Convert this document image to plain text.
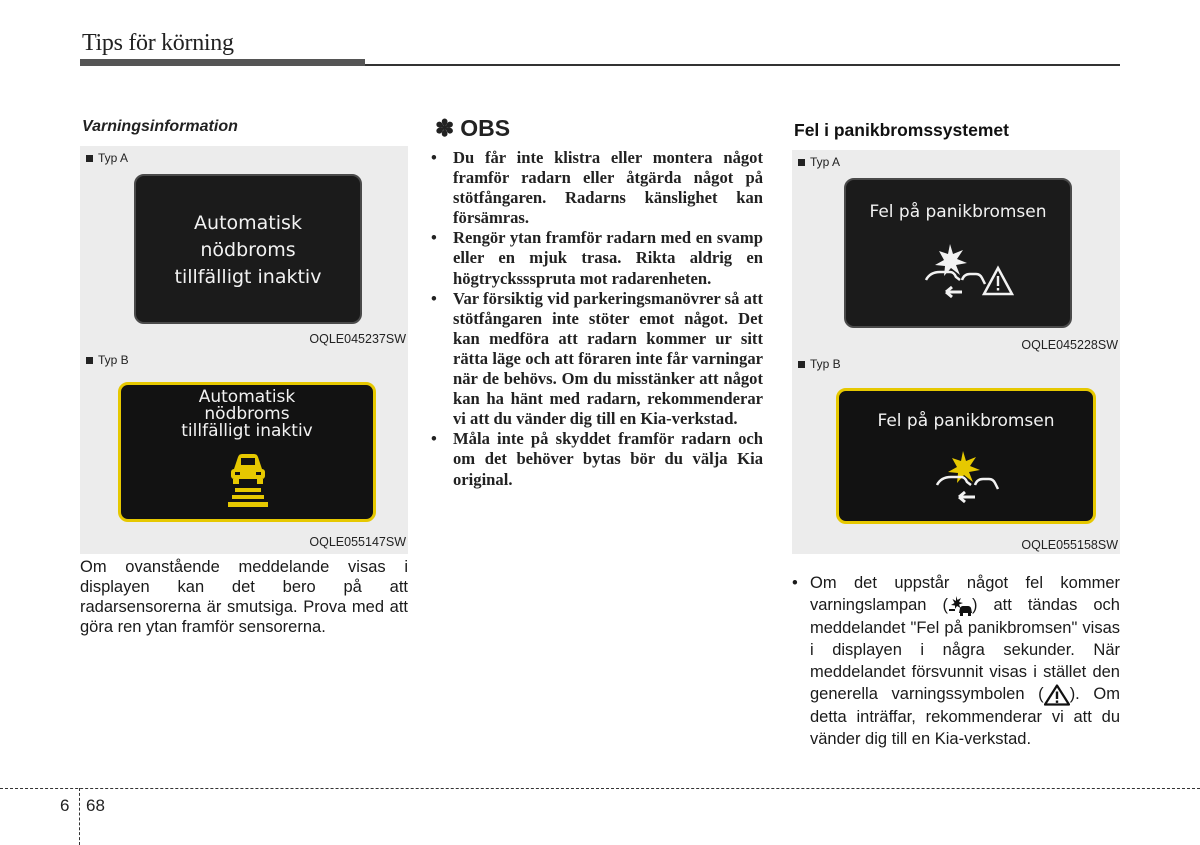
Tips för körning
Varningsinformation
Typ A
Automatisk
nödbroms
tillfälligt inaktiv
OQLE045237SW
Typ B
Automatisk
nödbroms
tillfälligt inaktiv
OQLE055147SW
Om ovanstående meddelande visas i displayen kan det bero på att radarsensorerna är smutsiga. Prova med att göra ren ytan framför sensorerna.
✽ OBS
• Du får inte klistra eller montera något framför radarn eller åtgärda något på stötfångaren. Radarns känslighet kan försämras.
• Rengör ytan framför radarn med en svamp eller en mjuk trasa. Rikta aldrig en högtryckssspruta mot radarenheten.
• Var försiktig vid parkeringsmanövrer så att stötfångaren inte stöter emot något. Det kan medföra att radarn kommer ur sitt rätta läge och att föraren inte får varningar när de behövs. Om du misstänker att något kan ha hänt med radarn, rekommenderar vi att du vänder dig till en Kia-verkstad.
• Måla inte på skyddet framför radarn och om det behöver bytas bör du välja Kia original.
Fel i panikbromssystemet
Typ A
Fel på panikbromsen
OQLE045228SW
Typ B
Fel på panikbromsen
OQLE055158SW
• Om det uppstår något fel kommer varningslampan ( ) att tändas och meddelandet "Fel på panikbromsen" visas i displayen i några sekunder. När meddelandet försvunnit visas i stället den generella varningssymbolen ( ). Om detta inträffar, rekommenderar vi att du vänder dig till en Kia-verkstad.
6 68
